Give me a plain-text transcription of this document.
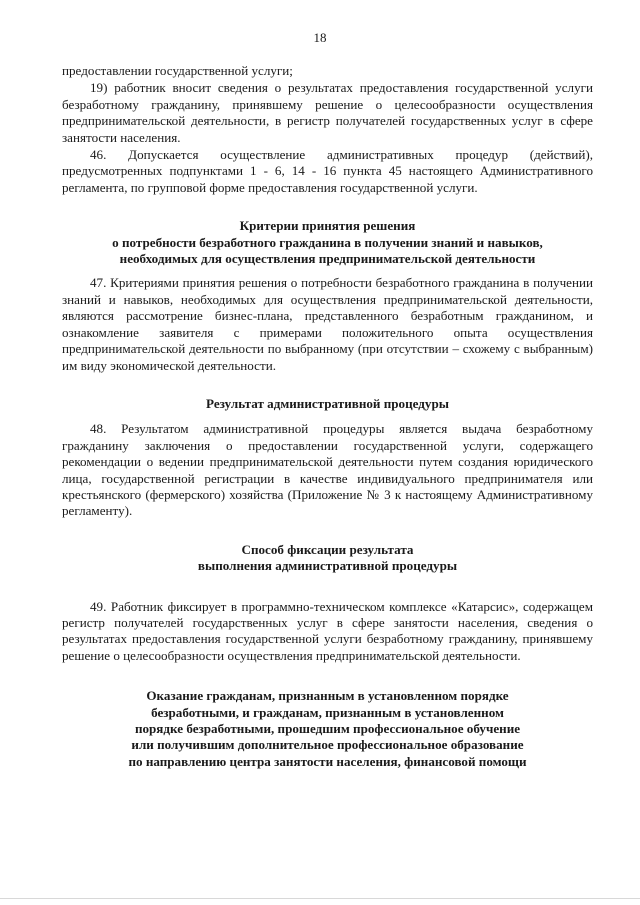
18

предоставлении государственной услуги;

19) работник вносит сведения о результатах предоставления государственной услуги безработному гражданину, принявшему решение о целесообразности осуществления предпринимательской деятельности, в регистр получателей государственных услуг в сфере занятости населения.

46. Допускается осуществление административных процедур (действий), предусмотренных подпунктами 1 - 6, 14 - 16 пункта 45 настоящего Административного регламента, по групповой форме предоставления государственной услуги.

Критерии принятия решения
о потребности безработного гражданина в получении знаний и навыков,
необходимых для осуществления предпринимательской деятельности

47. Критериями принятия решения о потребности безработного гражданина в получении знаний и навыков, необходимых для осуществления предпринимательской деятельности, являются рассмотрение бизнес-плана, представленного безработным гражданином, и ознакомление заявителя с примерами положительного опыта осуществления предпринимательской деятельности по выбранному (при отсутствии – схожему с выбранным) им виду экономической деятельности.

Результат административной процедуры

48. Результатом административной процедуры является выдача безработному гражданину заключения о предоставлении государственной услуги, содержащего рекомендации о ведении предпринимательской деятельности путем создания юридического лица, государственной регистрации в качестве индивидуального предпринимателя или крестьянского (фермерского) хозяйства (Приложение № 3 к настоящему Административному регламенту).

Способ фиксации результата
выполнения административной процедуры

49. Работник фиксирует в программно-техническом комплексе «Катарсис», содержащем регистр получателей государственных услуг в сфере занятости населения, сведения о результатах предоставления государственной услуги безработному гражданину, принявшему решение о целесообразности осуществления предпринимательской деятельности.

Оказание гражданам, признанным в установленном порядке
безработными, и гражданам, признанным в установленном
порядке безработными, прошедшим профессиональное обучение
или получившим дополнительное профессиональное образование
по направлению центра занятости населения, финансовой помощи
